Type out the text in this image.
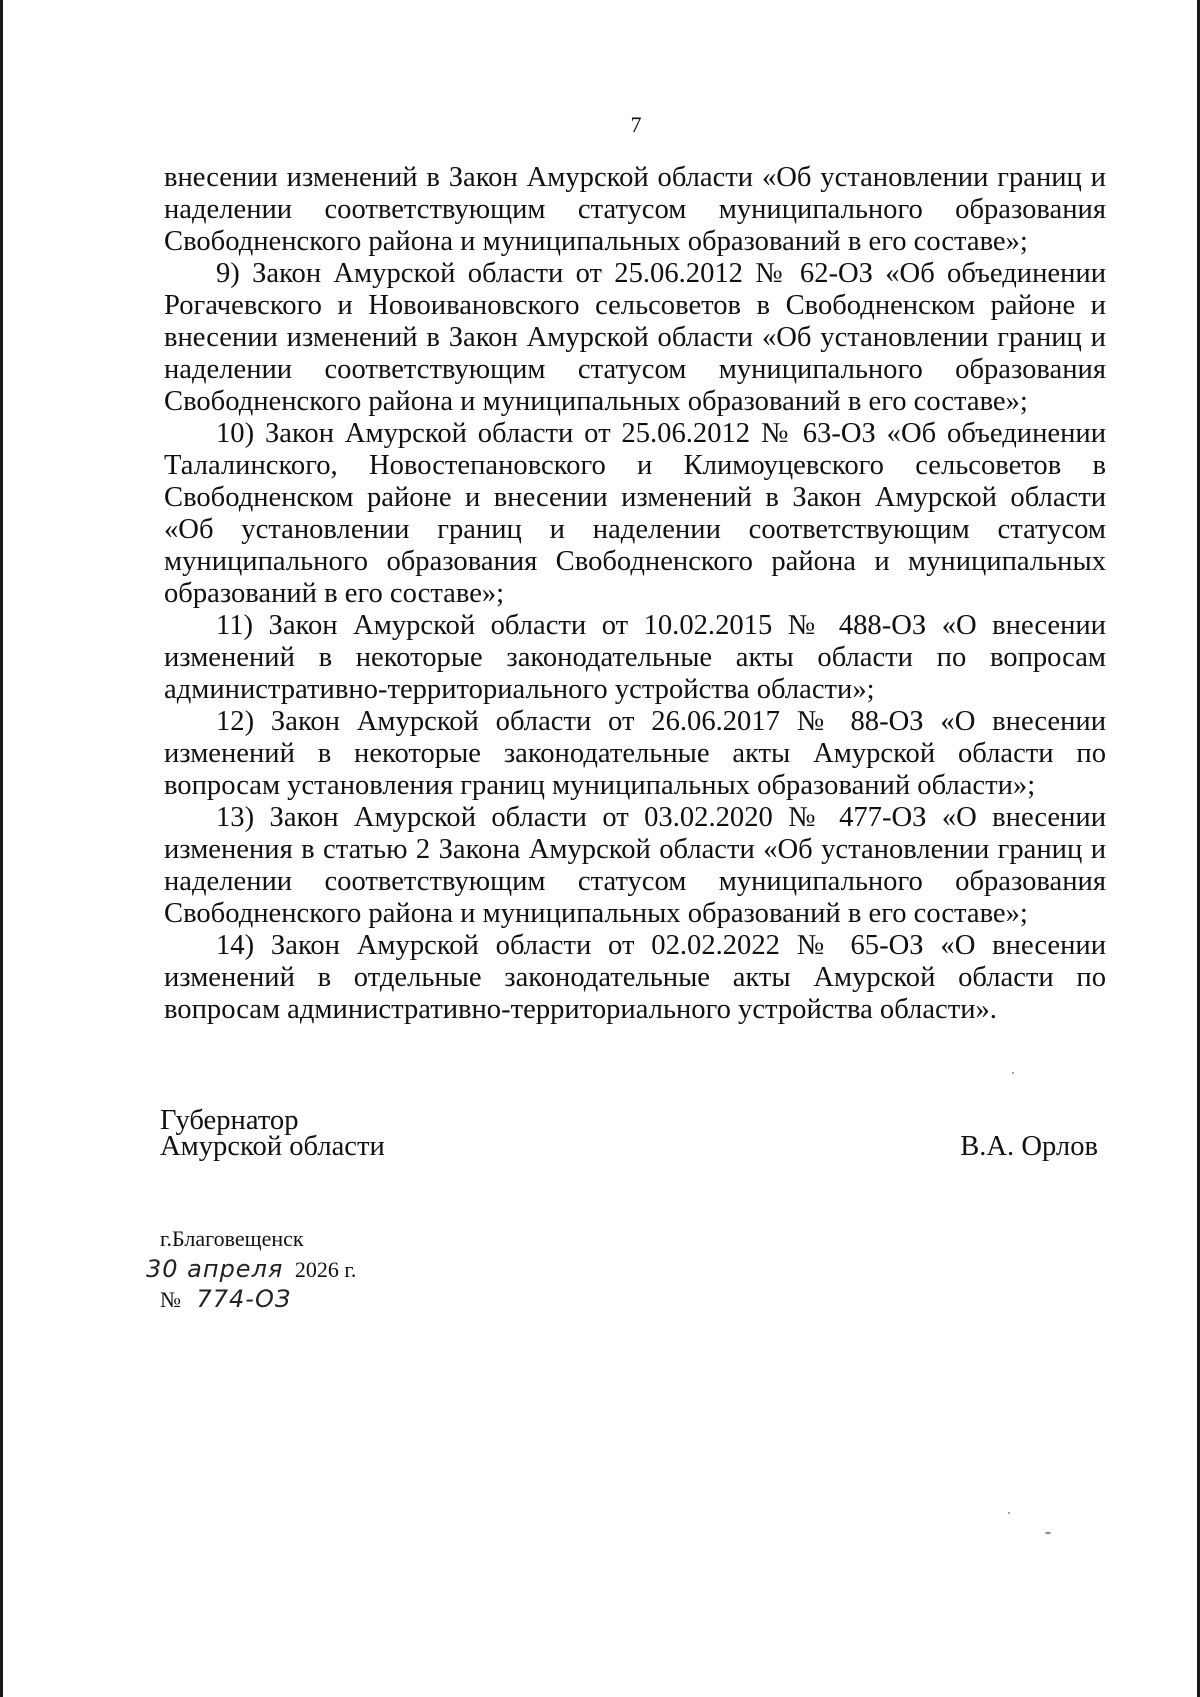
7

внесении изменений в Закон Амурской области «Об установлении границ и наделении соответствующим статусом муниципального образования Свободненского района и муниципальных образований в его составе»;

9) Закон Амурской области от 25.06.2012 № 62-ОЗ «Об объединении Рогачевского и Новоивановского сельсоветов в Свободненском районе и внесении изменений в Закон Амурской области «Об установлении границ и наделении соответствующим статусом муниципального образования Свободненского района и муниципальных образований в его составе»;

10) Закон Амурской области от 25.06.2012 № 63-ОЗ «Об объединении Талалинского, Новостепановского и Климоуцевского сельсоветов в Свободненском районе и внесении изменений в Закон Амурской области «Об установлении границ и наделении соответствующим статусом муниципального образования Свободненского района и муниципальных образований в его составе»;

11) Закон Амурской области от 10.02.2015 № 488-ОЗ «О внесении изменений в некоторые законодательные акты области по вопросам административно-территориального устройства области»;

12) Закон Амурской области от 26.06.2017 № 88-ОЗ «О внесении изменений в некоторые законодательные акты Амурской области по вопросам установления границ муниципальных образований области»;

13) Закон Амурской области от 03.02.2020 № 477-ОЗ «О внесении изменения в статью 2 Закона Амурской области «Об установлении границ и наделении соответствующим статусом муниципального образования Свободненского района и муниципальных образований в его составе»;

14) Закон Амурской области от 02.02.2022 № 65-ОЗ «О внесении изменений в отдельные законодательные акты Амурской области по вопросам административно-территориального устройства области».

Губернатор
Амурской области	В.А. Орлов
г.Благовещенск
30 апреля 2026 г.
№ 774-ОЗ
